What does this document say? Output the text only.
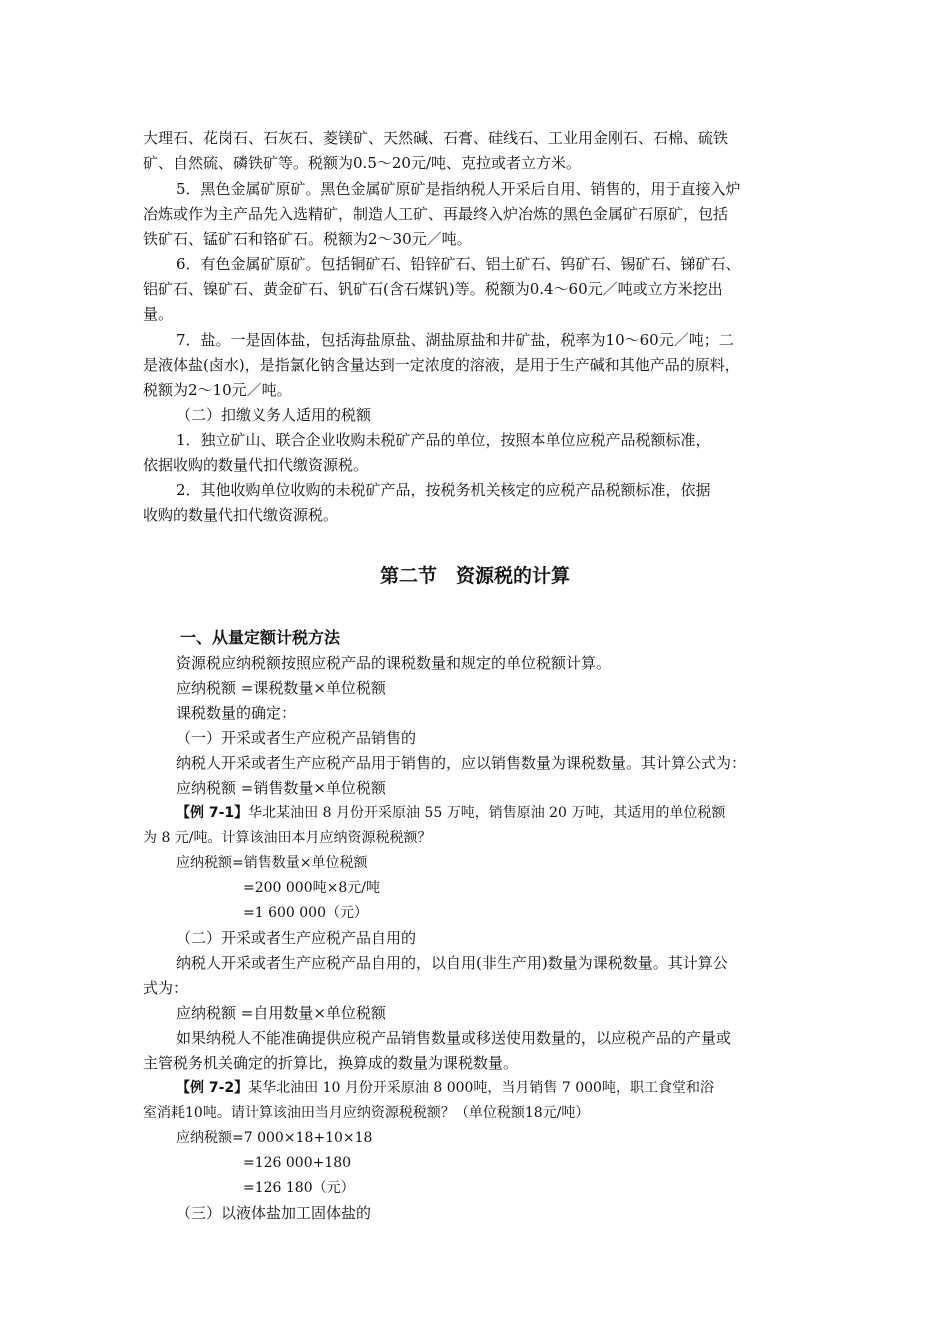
大理石、花岗石、石灰石、菱镁矿、天然碱、石膏、硅线石、工业用金刚石、石棉、硫铁
矿、自然硫、磷铁矿等。税额为0.5～20元/吨、克拉或者立方米。
5．黑色金属矿原矿。黑色金属矿原矿是指纳税人开采后自用、销售的，用于直接入炉
冶炼或作为主产品先入选精矿，制造人工矿、再最终入炉冶炼的黑色金属矿石原矿，包括
铁矿石、锰矿石和铬矿石。税额为2～30元／吨。
6．有色金属矿原矿。包括铜矿石、铅锌矿石、铝土矿石、钨矿石、锡矿石、锑矿石、
铝矿石、镍矿石、黄金矿石、钒矿石(含石煤钒)等。税额为0.4～60元／吨或立方米挖出
量。
7．盐。一是固体盐，包括海盐原盐、湖盐原盐和井矿盐，税率为10～60元／吨；二
是液体盐(卤水)，是指氯化钠含量达到一定浓度的溶液，是用于生产碱和其他产品的原料，
税额为2～10元／吨。
（二）扣缴义务人适用的税额
1．独立矿山、联合企业收购未税矿产品的单位，按照本单位应税产品税额标准，
依据收购的数量代扣代缴资源税。
2．其他收购单位收购的未税矿产品，按税务机关核定的应税产品税额标准，依据
收购的数量代扣代缴资源税。
第二节　资源税的计算
一、从量定额计税方法
资源税应纳税额按照应税产品的课税数量和规定的单位税额计算。
应纳税额 =课税数量×单位税额
课税数量的确定：
（一）开采或者生产应税产品销售的
纳税人开采或者生产应税产品用于销售的，应以销售数量为课税数量。其计算公式为：
应纳税额 =销售数量×单位税额
【例 7-1】华北某油田 8 月份开采原油 55 万吨，销售原油 20 万吨，其适用的单位税额
为 8 元/吨。计算该油田本月应纳资源税税额？
应纳税额=销售数量×单位税额
=200 000吨×8元/吨
=1 600 000（元）
（二）开采或者生产应税产品自用的
纳税人开采或者生产应税产品自用的，以自用(非生产用)数量为课税数量。其计算公
式为：
应纳税额 =自用数量×单位税额
如果纳税人不能准确提供应税产品销售数量或移送使用数量的，以应税产品的产量或
主管税务机关确定的折算比，换算成的数量为课税数量。
【例 7-2】某华北油田 10 月份开采原油 8 000吨，当月销售 7 000吨，职工食堂和浴
室消耗10吨。请计算该油田当月应纳资源税税额？（单位税额18元/吨）
应纳税额=7 000×18+10×18
=126 000+180
=126 180（元）
（三）以液体盐加工固体盐的
